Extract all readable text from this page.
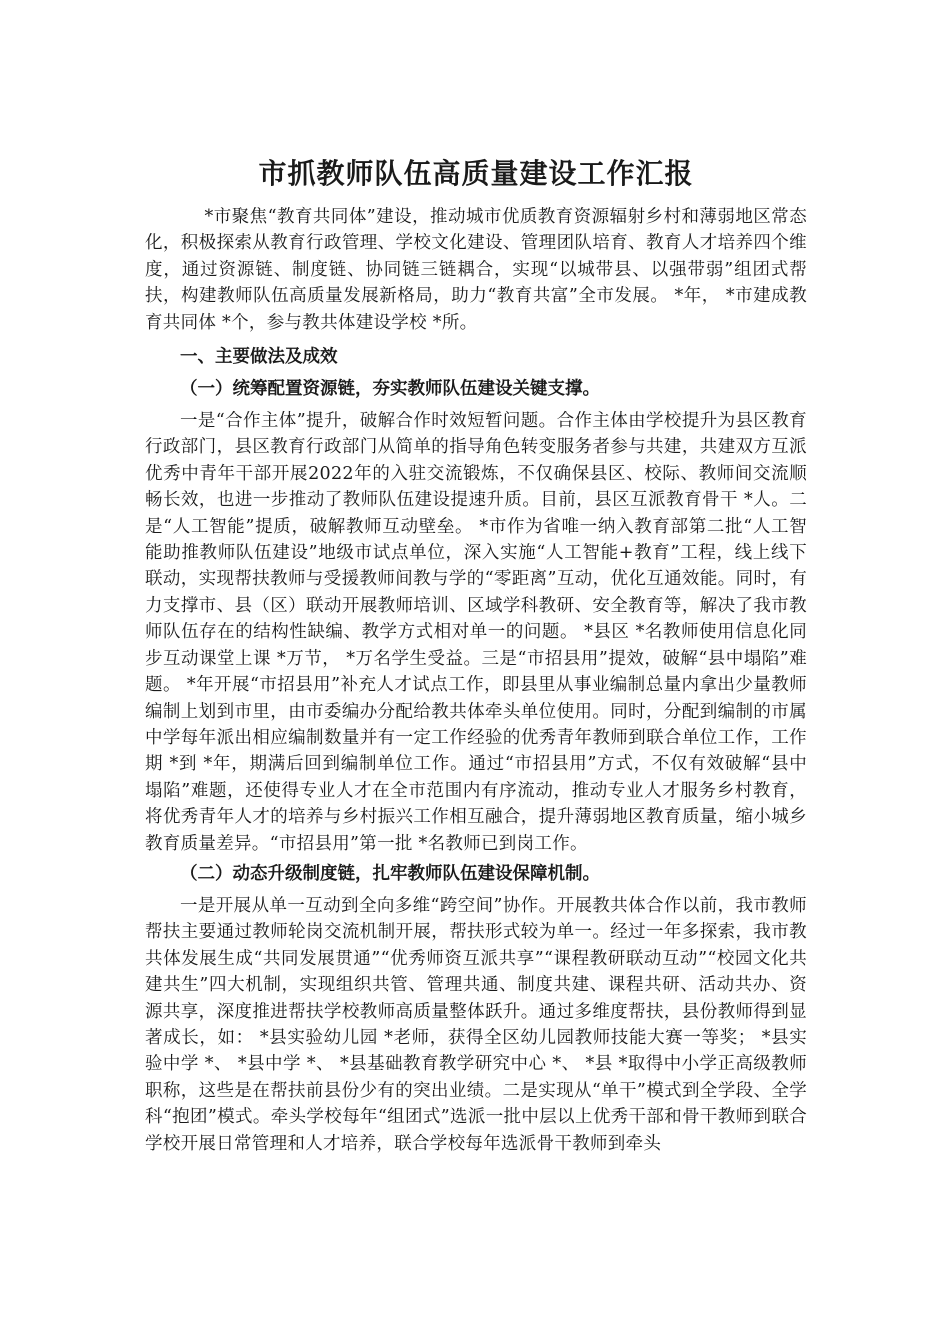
市抓教师队伍高质量建设工作汇报

*市聚焦“教育共同体”建设，推动城市优质教育资源辐射乡村和薄弱地区常态化，积极探索从教育行政管理、学校文化建设、管理团队培育、教育人才培养四个维度，通过资源链、制度链、协同链三链耦合，实现“以城带县、以强带弱”组团式帮扶，构建教师队伍高质量发展新格局，助力“教育共富”全市发展。 *年， *市建成教育共同体 *个，参与教共体建设学校 *所。

一、主要做法及成效
（一）统筹配置资源链，夯实教师队伍建设关键支撑。

一是“合作主体”提升，破解合作时效短暂问题。合作主体由学校提升为县区教育行政部门，县区教育行政部门从简单的指导角色转变服务者参与共建，共建双方互派优秀中青年干部开展2022年的入驻交流锻炼，不仅确保县区、校际、教师间交流顺畅长效，也进一步推动了教师队伍建设提速升质。目前，县区互派教育骨干 *人。二是“人工智能”提质，破解教师互动壁垒。 *市作为省唯一纳入教育部第二批“人工智能助推教师队伍建设”地级市试点单位，深入实施“人工智能+教育”工程，线上线下联动，实现帮扶教师与受援教师间教与学的“零距离”互动，优化互通效能。同时，有力支撑市、县（区）联动开展教师培训、区域学科教研、安全教育等，解决了我市教师队伍存在的结构性缺编、教学方式相对单一的问题。 *县区 *名教师使用信息化同步互动课堂上课 *万节， *万名学生受益。三是“市招县用”提效，破解“县中塌陷”难题。 *年开展“市招县用”补充人才试点工作，即县里从事业编制总量内拿出少量教师编制上划到市里，由市委编办分配给教共体牵头单位使用。同时，分配到编制的市属中学每年派出相应编制数量并有一定工作经验的优秀青年教师到联合单位工作，工作期 *到 *年，期满后回到编制单位工作。通过“市招县用”方式，不仅有效破解“县中塌陷”难题，还使得专业人才在全市范围内有序流动，推动专业人才服务乡村教育，将优秀青年人才的培养与乡村振兴工作相互融合，提升薄弱地区教育质量，缩小城乡教育质量差异。“市招县用”第一批 *名教师已到岗工作。

（二）动态升级制度链，扎牢教师队伍建设保障机制。

一是开展从单一互动到全向多维“跨空间”协作。开展教共体合作以前，我市教师帮扶主要通过教师轮岗交流机制开展，帮扶形式较为单一。经过一年多探索，我市教共体发展生成“共同发展贯通”“优秀师资互派共享”“课程教研联动互动”“校园文化共建共生”四大机制，实现组织共管、管理共通、制度共建、课程共研、活动共办、资源共享，深度推进帮扶学校教师高质量整体跃升。通过多维度帮扶，县份教师得到显著成长，如： *县实验幼儿园 *老师，获得全区幼儿园教师技能大赛一等奖； *县实验中学 *、 *县中学 *、 *县基础教育教学研究中心 *、 *县 *取得中小学正高级教师职称，这些是在帮扶前县份少有的突出业绩。二是实现从“单干”模式到全学段、全学科“抱团”模式。牵头学校每年“组团式”选派一批中层以上优秀干部和骨干教师到联合学校开展日常管理和人才培养，联合学校每年选派骨干教师到牵头
